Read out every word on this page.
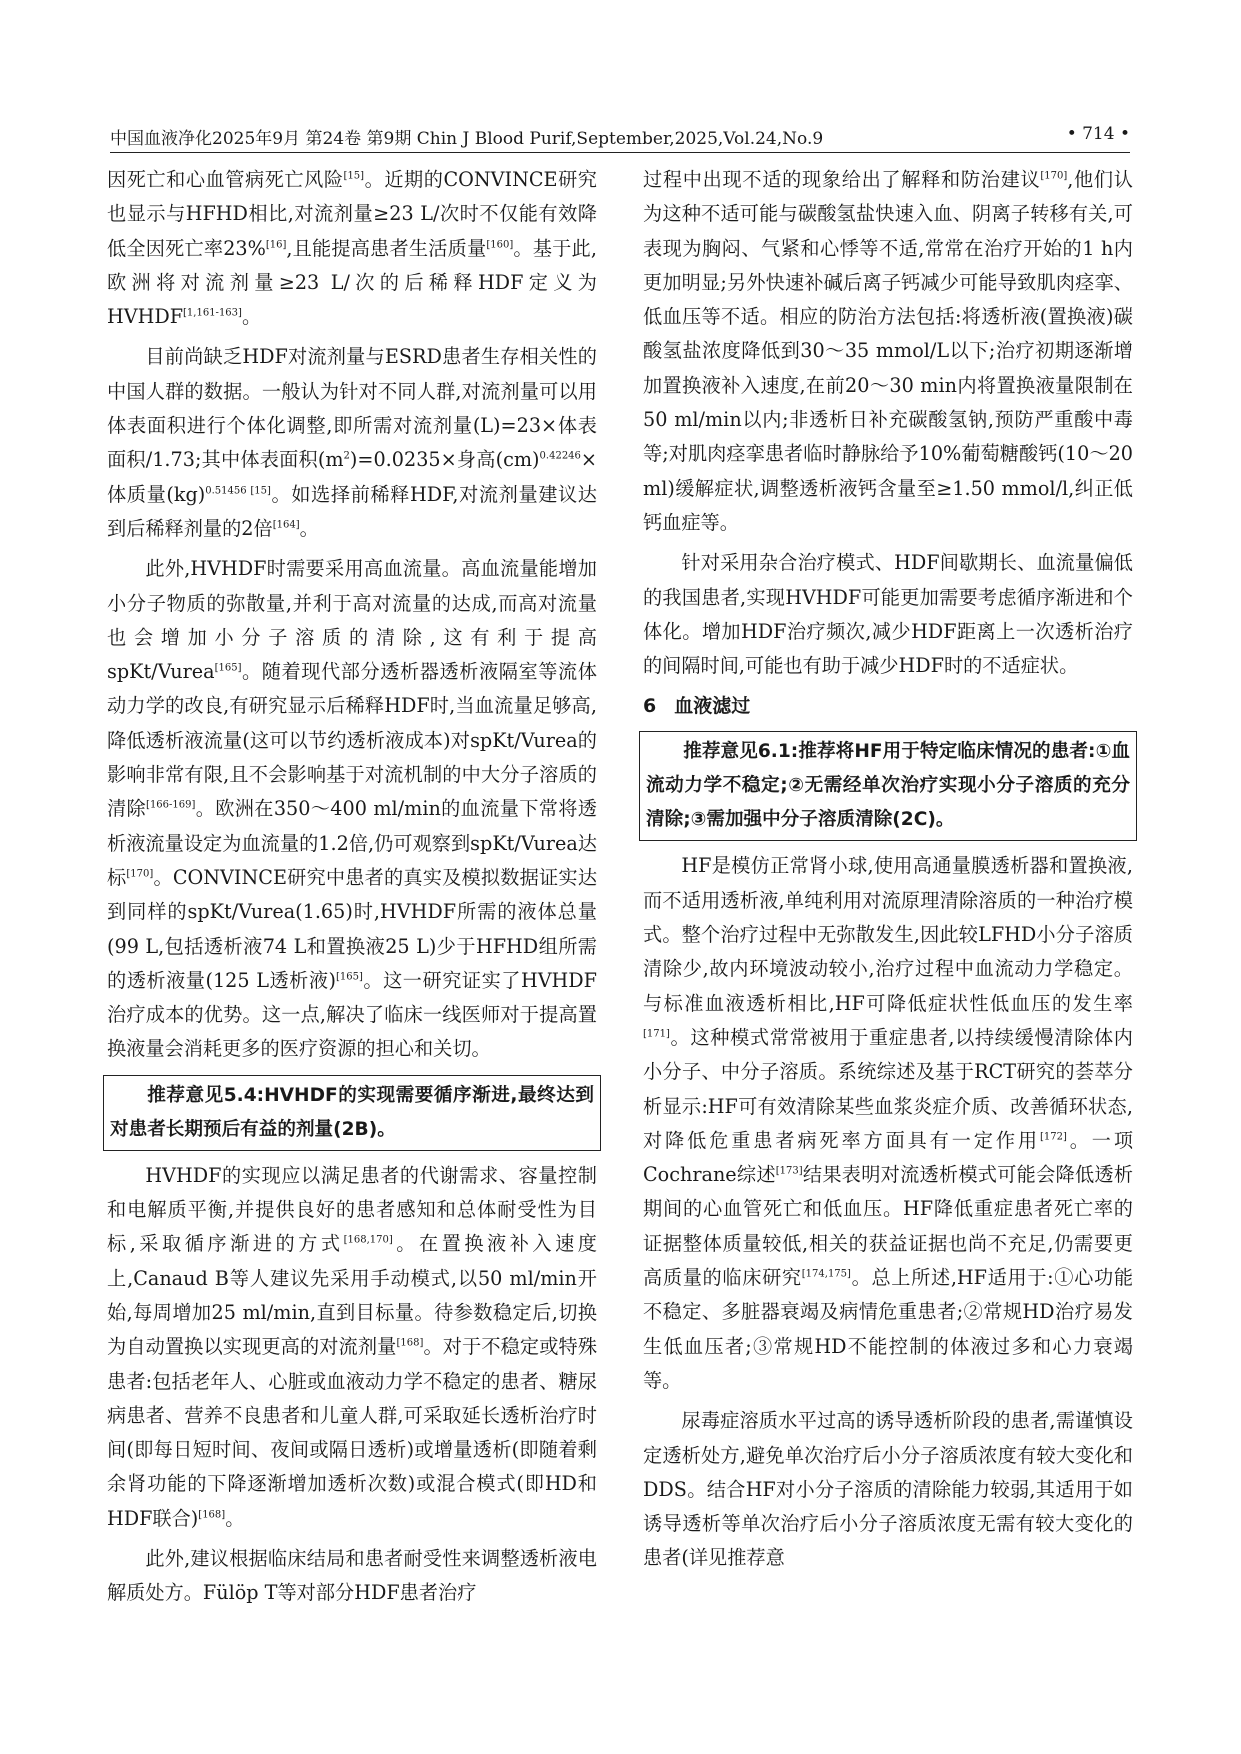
中国血液净化2025年9月 第24卷 第9期 Chin J Blood Purif,September,2025,Vol.24,No.9	• 714 •

因死亡和心血管病死亡风险[15]。近期的CONVINCE研究也显示与HFHD相比,对流剂量≥23 L/次时不仅能有效降低全因死亡率23%[16],且能提高患者生活质量[160]。基于此,欧洲将对流剂量≥23 L/次的后稀释HDF定义为HVHDF[1,161-163]。

目前尚缺乏HDF对流剂量与ESRD患者生存相关性的中国人群的数据。一般认为针对不同人群,对流剂量可以用体表面积进行个体化调整,即所需对流剂量(L)=23×体表面积/1.73;其中体表面积$(m^2)=0.0235\times$身高(cm)$^{0.42246}$×体质量(kg)$^{0.51456 [15]}$。如选择前稀释HDF,对流剂量建议达到后稀释剂量的2倍[164]。

此外,HVHDF时需要采用高血流量。高血流量能增加小分子物质的弥散量,并利于高对流量的达成,而高对流量也会增加小分子溶质的清除,这有利于提高spKt/Vurea[165]。随着现代部分透析器透析液隔室等流体动力学的改良,有研究显示后稀释HDF时,当血流量足够高,降低透析液流量(这可以节约透析液成本)对spKt/Vurea的影响非常有限,且不会影响基于对流机制的中大分子溶质的清除[166-169]。欧洲在350～400 ml/min的血流量下常将透析液流量设定为血流量的1.2倍,仍可观察到spKt/Vurea达标[170]。CONVINCE研究中患者的真实及模拟数据证实达到同样的spKt/Vurea(1.65)时,HVHDF所需的液体总量(99 L,包括透析液74 L和置换液25 L)少于HFHD组所需的透析液量(125 L透析液)[165]。这一研究证实了HVHDF治疗成本的优势。这一点,解决了临床一线医师对于提高置换液量会消耗更多的医疗资源的担心和关切。

推荐意见5.4:HVHDF的实现需要循序渐进,最终达到对患者长期预后有益的剂量(2B)。

HVHDF的实现应以满足患者的代谢需求、容量控制和电解质平衡,并提供良好的患者感知和总体耐受性为目标,采取循序渐进的方式[168,170]。在置换液补入速度上,Canaud B等人建议先采用手动模式,以50 ml/min开始,每周增加25 ml/min,直到目标量。待参数稳定后,切换为自动置换以实现更高的对流剂量[168]。对于不稳定或特殊患者:包括老年人、心脏或血液动力学不稳定的患者、糖尿病患者、营养不良患者和儿童人群,可采取延长透析治疗时间(即每日短时间、夜间或隔日透析)或增量透析(即随着剩余肾功能的下降逐渐增加透析次数)或混合模式(即HD和HDF联合)[168]。

此外,建议根据临床结局和患者耐受性来调整透析液电解质处方。Fülöp T等对部分HDF患者治疗

过程中出现不适的现象给出了解释和防治建议[170],他们认为这种不适可能与碳酸氢盐快速入血、阴离子转移有关,可表现为胸闷、气紧和心悸等不适,常常在治疗开始的1 h内更加明显;另外快速补碱后离子钙减少可能导致肌肉痉挛、低血压等不适。相应的防治方法包括:将透析液(置换液)碳酸氢盐浓度降低到30～35 mmol/L以下;治疗初期逐渐增加置换液补入速度,在前20～30 min内将置换液量限制在50 ml/min以内;非透析日补充碳酸氢钠,预防严重酸中毒等;对肌肉痉挛患者临时静脉给予10%葡萄糖酸钙(10～20 ml)缓解症状,调整透析液钙含量至≥1.50 mmol/l,纠正低钙血症等。

针对采用杂合治疗模式、HDF间歇期长、血流量偏低的我国患者,实现HVHDF可能更加需要考虑循序渐进和个体化。增加HDF治疗频次,减少HDF距离上一次透析治疗的间隔时间,可能也有助于减少HDF时的不适症状。

6 血液滤过

推荐意见6.1:推荐将HF用于特定临床情况的患者:①血流动力学不稳定;②无需经单次治疗实现小分子溶质的充分清除;③需加强中分子溶质清除(2C)。

HF是模仿正常肾小球,使用高通量膜透析器和置换液,而不适用透析液,单纯利用对流原理清除溶质的一种治疗模式。整个治疗过程中无弥散发生,因此较LFHD小分子溶质清除少,故内环境波动较小,治疗过程中血流动力学稳定。与标准血液透析相比,HF可降低症状性低血压的发生率[171]。这种模式常常被用于重症患者,以持续缓慢清除体内小分子、中分子溶质。系统综述及基于RCT研究的荟萃分析显示:HF可有效清除某些血浆炎症介质、改善循环状态,对降低危重患者病死率方面具有一定作用[172]。一项Cochrane综述[173]结果表明对流透析模式可能会降低透析期间的心血管死亡和低血压。HF降低重症患者死亡率的证据整体质量较低,相关的获益证据也尚不充足,仍需要更高质量的临床研究[174,175]。总上所述,HF适用于:①心功能不稳定、多脏器衰竭及病情危重患者;②常规HD治疗易发生低血压者;③常规HD不能控制的体液过多和心力衰竭等。

尿毒症溶质水平过高的诱导透析阶段的患者,需谨慎设定透析处方,避免单次治疗后小分子溶质浓度有较大变化和DDS。结合HF对小分子溶质的清除能力较弱,其适用于如诱导透析等单次治疗后小分子溶质浓度无需有较大变化的患者(详见推荐意
